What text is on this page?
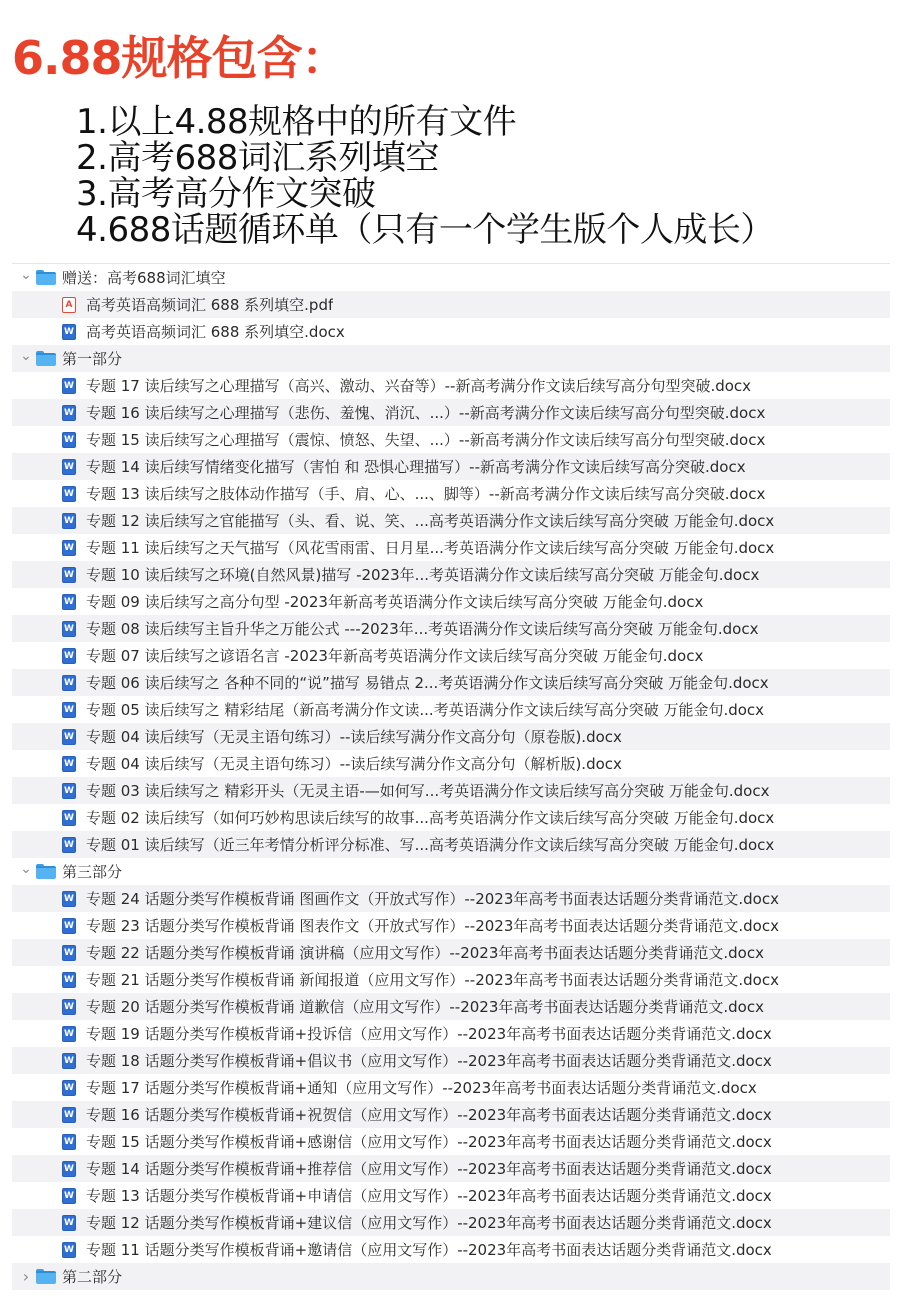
6.88规格包含：
1.以上4.88规格中的所有文件
2.高考688词汇系列填空
3.高考高分作文突破
4.688话题循环单（只有一个学生版个人成长）
⌄ 赠送：高考688词汇填空
A 高考英语高频词汇 688 系列填空.pdf
W 高考英语高频词汇 688 系列填空.docx
⌄ 第一部分
W 专题 17 读后续写之心理描写（高兴、激动、兴奋等）--新高考满分作文读后续写高分句型突破.docx
W 专题 16 读后续写之心理描写（悲伤、羞愧、消沉、...）--新高考满分作文读后续写高分句型突破.docx
W 专题 15 读后续写之心理描写（震惊、愤怒、失望、...）--新高考满分作文读后续写高分句型突破.docx
W 专题 14 读后续写情绪变化描写（害怕 和 恐惧心理描写）--新高考满分作文读后续写高分突破.docx
W 专题 13 读后续写之肢体动作描写（手、肩、心、...、脚等）--新高考满分作文读后续写高分突破.docx
W 专题 12 读后续写之官能描写（头、看、说、笑、...高考英语满分作文读后续写高分突破 万能金句.docx
W 专题 11 读后续写之天气描写（风花雪雨雷、日月星...考英语满分作文读后续写高分突破 万能金句.docx
W 专题 10 读后续写之环境(自然风景)描写 -2023年...考英语满分作文读后续写高分突破 万能金句.docx
W 专题 09 读后续写之高分句型 -2023年新高考英语满分作文读后续写高分突破 万能金句.docx
W 专题 08 读后续写主旨升华之万能公式 ---2023年...考英语满分作文读后续写高分突破 万能金句.docx
W 专题 07 读后续写之谚语名言 -2023年新高考英语满分作文读后续写高分突破 万能金句.docx
W 专题 06 读后续写之 各种不同的“说”描写 易错点 2...考英语满分作文读后续写高分突破 万能金句.docx
W 专题 05 读后续写之 精彩结尾（新高考满分作文读...考英语满分作文读后续写高分突破 万能金句.docx
W 专题 04 读后续写（无灵主语句练习）--读后续写满分作文高分句（原卷版).docx
W 专题 04 读后续写（无灵主语句练习）--读后续写满分作文高分句（解析版).docx
W 专题 03 读后续写之 精彩开头（无灵主语-—如何写...考英语满分作文读后续写高分突破 万能金句.docx
W 专题 02 读后续写（如何巧妙构思读后续写的故事...高考英语满分作文读后续写高分突破 万能金句.docx
W 专题 01 读后续写（近三年考情分析评分标准、写...高考英语满分作文读后续写高分突破 万能金句.docx
⌄ 第三部分
W 专题 24 话题分类写作模板背诵 图画作文（开放式写作）--2023年高考书面表达话题分类背诵范文.docx
W 专题 23 话题分类写作模板背诵 图表作文（开放式写作）--2023年高考书面表达话题分类背诵范文.docx
W 专题 22 话题分类写作模板背诵 演讲稿（应用文写作）--2023年高考书面表达话题分类背诵范文.docx
W 专题 21 话题分类写作模板背诵 新闻报道（应用文写作）--2023年高考书面表达话题分类背诵范文.docx
W 专题 20 话题分类写作模板背诵 道歉信（应用文写作）--2023年高考书面表达话题分类背诵范文.docx
W 专题 19 话题分类写作模板背诵+投诉信（应用文写作）--2023年高考书面表达话题分类背诵范文.docx
W 专题 18 话题分类写作模板背诵+倡议书（应用文写作）--2023年高考书面表达话题分类背诵范文.docx
W 专题 17 话题分类写作模板背诵+通知（应用文写作）--2023年高考书面表达话题分类背诵范文.docx
W 专题 16 话题分类写作模板背诵+祝贺信（应用文写作）--2023年高考书面表达话题分类背诵范文.docx
W 专题 15 话题分类写作模板背诵+感谢信（应用文写作）--2023年高考书面表达话题分类背诵范文.docx
W 专题 14 话题分类写作模板背诵+推荐信（应用文写作）--2023年高考书面表达话题分类背诵范文.docx
W 专题 13 话题分类写作模板背诵+申请信（应用文写作）--2023年高考书面表达话题分类背诵范文.docx
W 专题 12 话题分类写作模板背诵+建议信（应用文写作）--2023年高考书面表达话题分类背诵范文.docx
W 专题 11 话题分类写作模板背诵+邀请信（应用文写作）--2023年高考书面表达话题分类背诵范文.docx
›	第二部分
